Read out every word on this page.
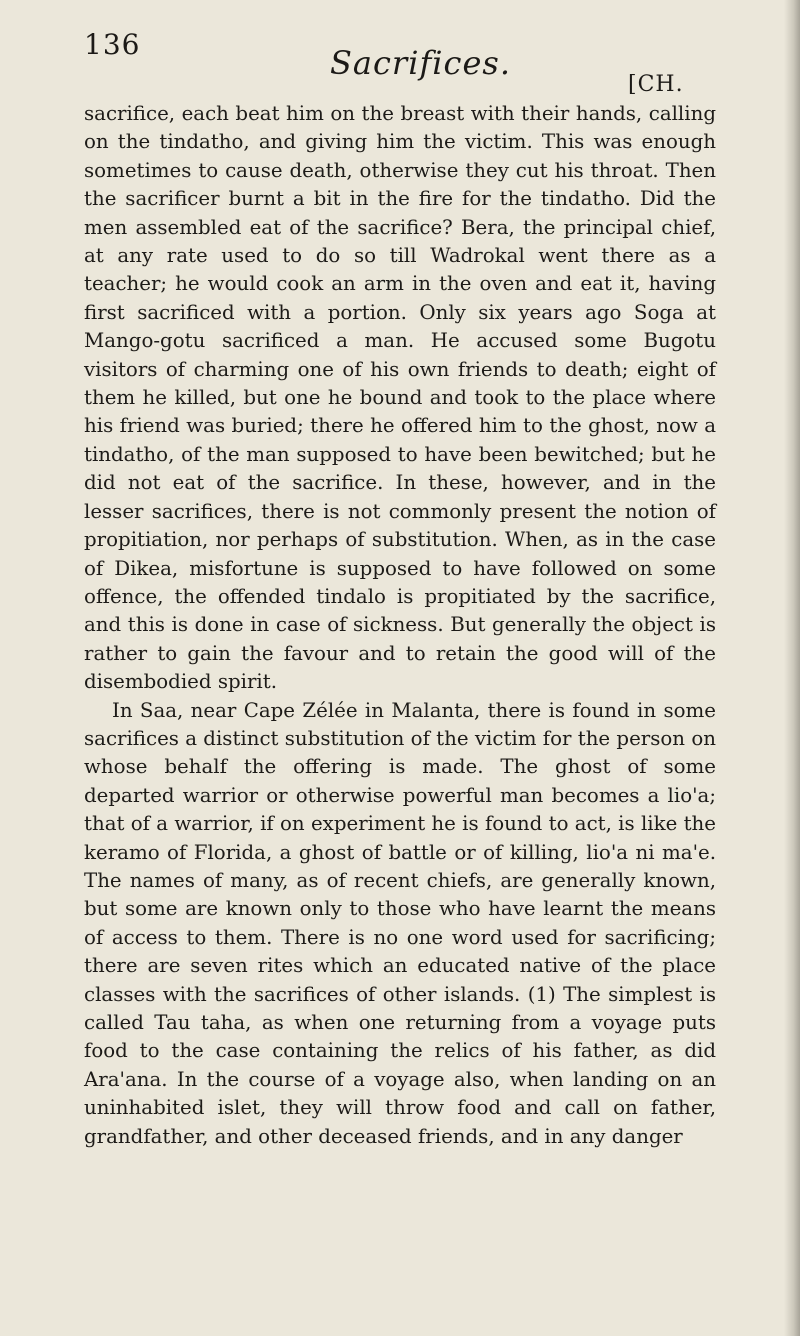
136	Sacrifices.
[CH.

sacrifice, each beat him on the breast with their hands, calling on the tindatho, and giving him the victim. This was enough sometimes to cause death, otherwise they cut his throat. Then the sacrificer burnt a bit in the fire for the tindatho. Did the men assembled eat of the sacrifice? Bera, the principal chief, at any rate used to do so till Wadrokal went there as a teacher; he would cook an arm in the oven and eat it, having first sacrificed with a portion. Only six years ago Soga at Mango-gotu sacrificed a man. He accused some Bugotu visitors of charming one of his own friends to death; eight of them he killed, but one he bound and took to the place where his friend was buried; there he offered him to the ghost, now a tindatho, of the man supposed to have been bewitched; but he did not eat of the sacrifice. In these, however, and in the lesser sacrifices, there is not commonly present the notion of propitiation, nor perhaps of substitution. When, as in the case of Dikea, misfortune is supposed to have followed on some offence, the offended tindalo is propitiated by the sacrifice, and this is done in case of sickness. But generally the object is rather to gain the favour and to retain the good will of the disembodied spirit.

In Saa, near Cape Zélée in Malanta, there is found in some sacrifices a distinct substitution of the victim for the person on whose behalf the offering is made. The ghost of some departed warrior or otherwise powerful man becomes a lio'a; that of a warrior, if on experiment he is found to act, is like the keramo of Florida, a ghost of battle or of killing, lio'a ni ma'e. The names of many, as of recent chiefs, are generally known, but some are known only to those who have learnt the means of access to them. There is no one word used for sacrificing; there are seven rites which an educated native of the place classes with the sacrifices of other islands. (1) The simplest is called Tau taha, as when one returning from a voyage puts food to the case containing the relics of his father, as did Ara'ana. In the course of a voyage also, when landing on an uninhabited islet, they will throw food and call on father, grandfather, and other deceased friends, and in any danger
